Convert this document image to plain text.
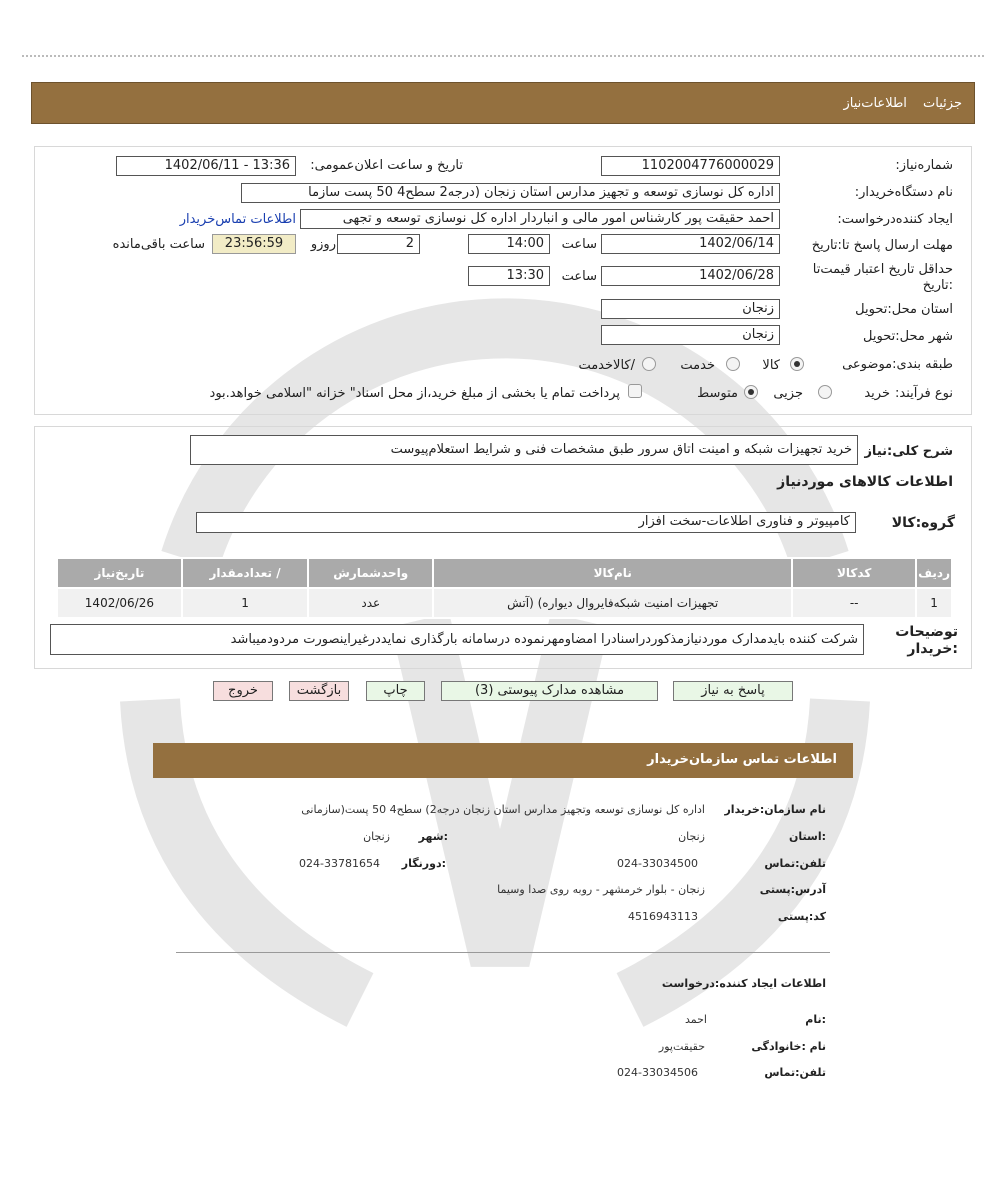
جزئیات اطلاعات‌نیاز
شماره‌نیاز:
1102004776000029
تاریخ و ساعت اعلان‌عمومی:
1402/06/11 - 13:36
نام دستگاه‌خریدار:
اداره کل نوسازی توسعه و تجهیز مدارس استان زنجان (درجه2 سطح4 50 پست سازما
ایجاد کننده‌درخواست:
احمد حقیقت پور کارشناس امور مالی و انباردار اداره کل نوسازی توسعه و تجهی
اطلاعات تماس‌خریدار
مهلت ارسال پاسخ تا:تاریخ
1402/06/14
ساعت
14:00
2
روزو
23:56:59
ساعت باقی‌مانده
حداقل تاریخ اعتبار قیمت‌تا :تاریخ
1402/06/28
ساعت
13:30
استان محل:تحویل
زنجان
شهر محل:تحویل
زنجان
طبقه بندی:موضوعی
کالا
خدمت
/کالاخدمت
نوع فرآیند:
خرید
جزیی
متوسط
پرداخت تمام یا بخشی از مبلغ خرید،از محل اسناد" خزانه "اسلامی خواهد.بود
شرح کلی:نیاز
خرید تجهیزات شبکه و امینت اتاق سرور طبق مشخصات فنی و شرایط استعلام‌پیوست
اطلاعات کالاهای موردنیاز
گروه:کالا
کامپیوتر و فناوری اطلاعات-سخت افزار
ردیف	کدکالا	نام‌کالا	واحدشمارش	/ تعدادمقدار	تاریخ‌نیاز
1	--	تجهیزات امنیت شبکه‌فایروال دیواره) (آتش	عدد	1	1402/06/26
توضیحات :خریدار
شرکت کننده بایدمدارک موردنیازمذکوردراسنادرا امضاومهرنموده درسامانه بارگذاری نمایددرغیراینصورت مردودمیباشد
پاسخ به نیاز
مشاهده مدارک پیوستی (3)
چاپ
بازگشت
خروج
اطلاعات تماس سازمان‌خریدار
نام سازمان:خریدار
اداره کل نوسازی توسعه وتجهیز مدارس استان زنجان درجه2) سطح4 50 پست(سازمانی
:استان
زنجان
:شهر
زنجان
تلفن:تماس
024-33034500
:دورنگار
024-33781654
آدرس:پستی
زنجان - بلوار خرمشهر - روبه روی صدا وسیما
کد:پستی
4516943113
اطلاعات ایجاد کننده:درخواست
:نام
احمد
نام :خانوادگی
حقیقت‌پور
تلفن:تماس
024-33034506
